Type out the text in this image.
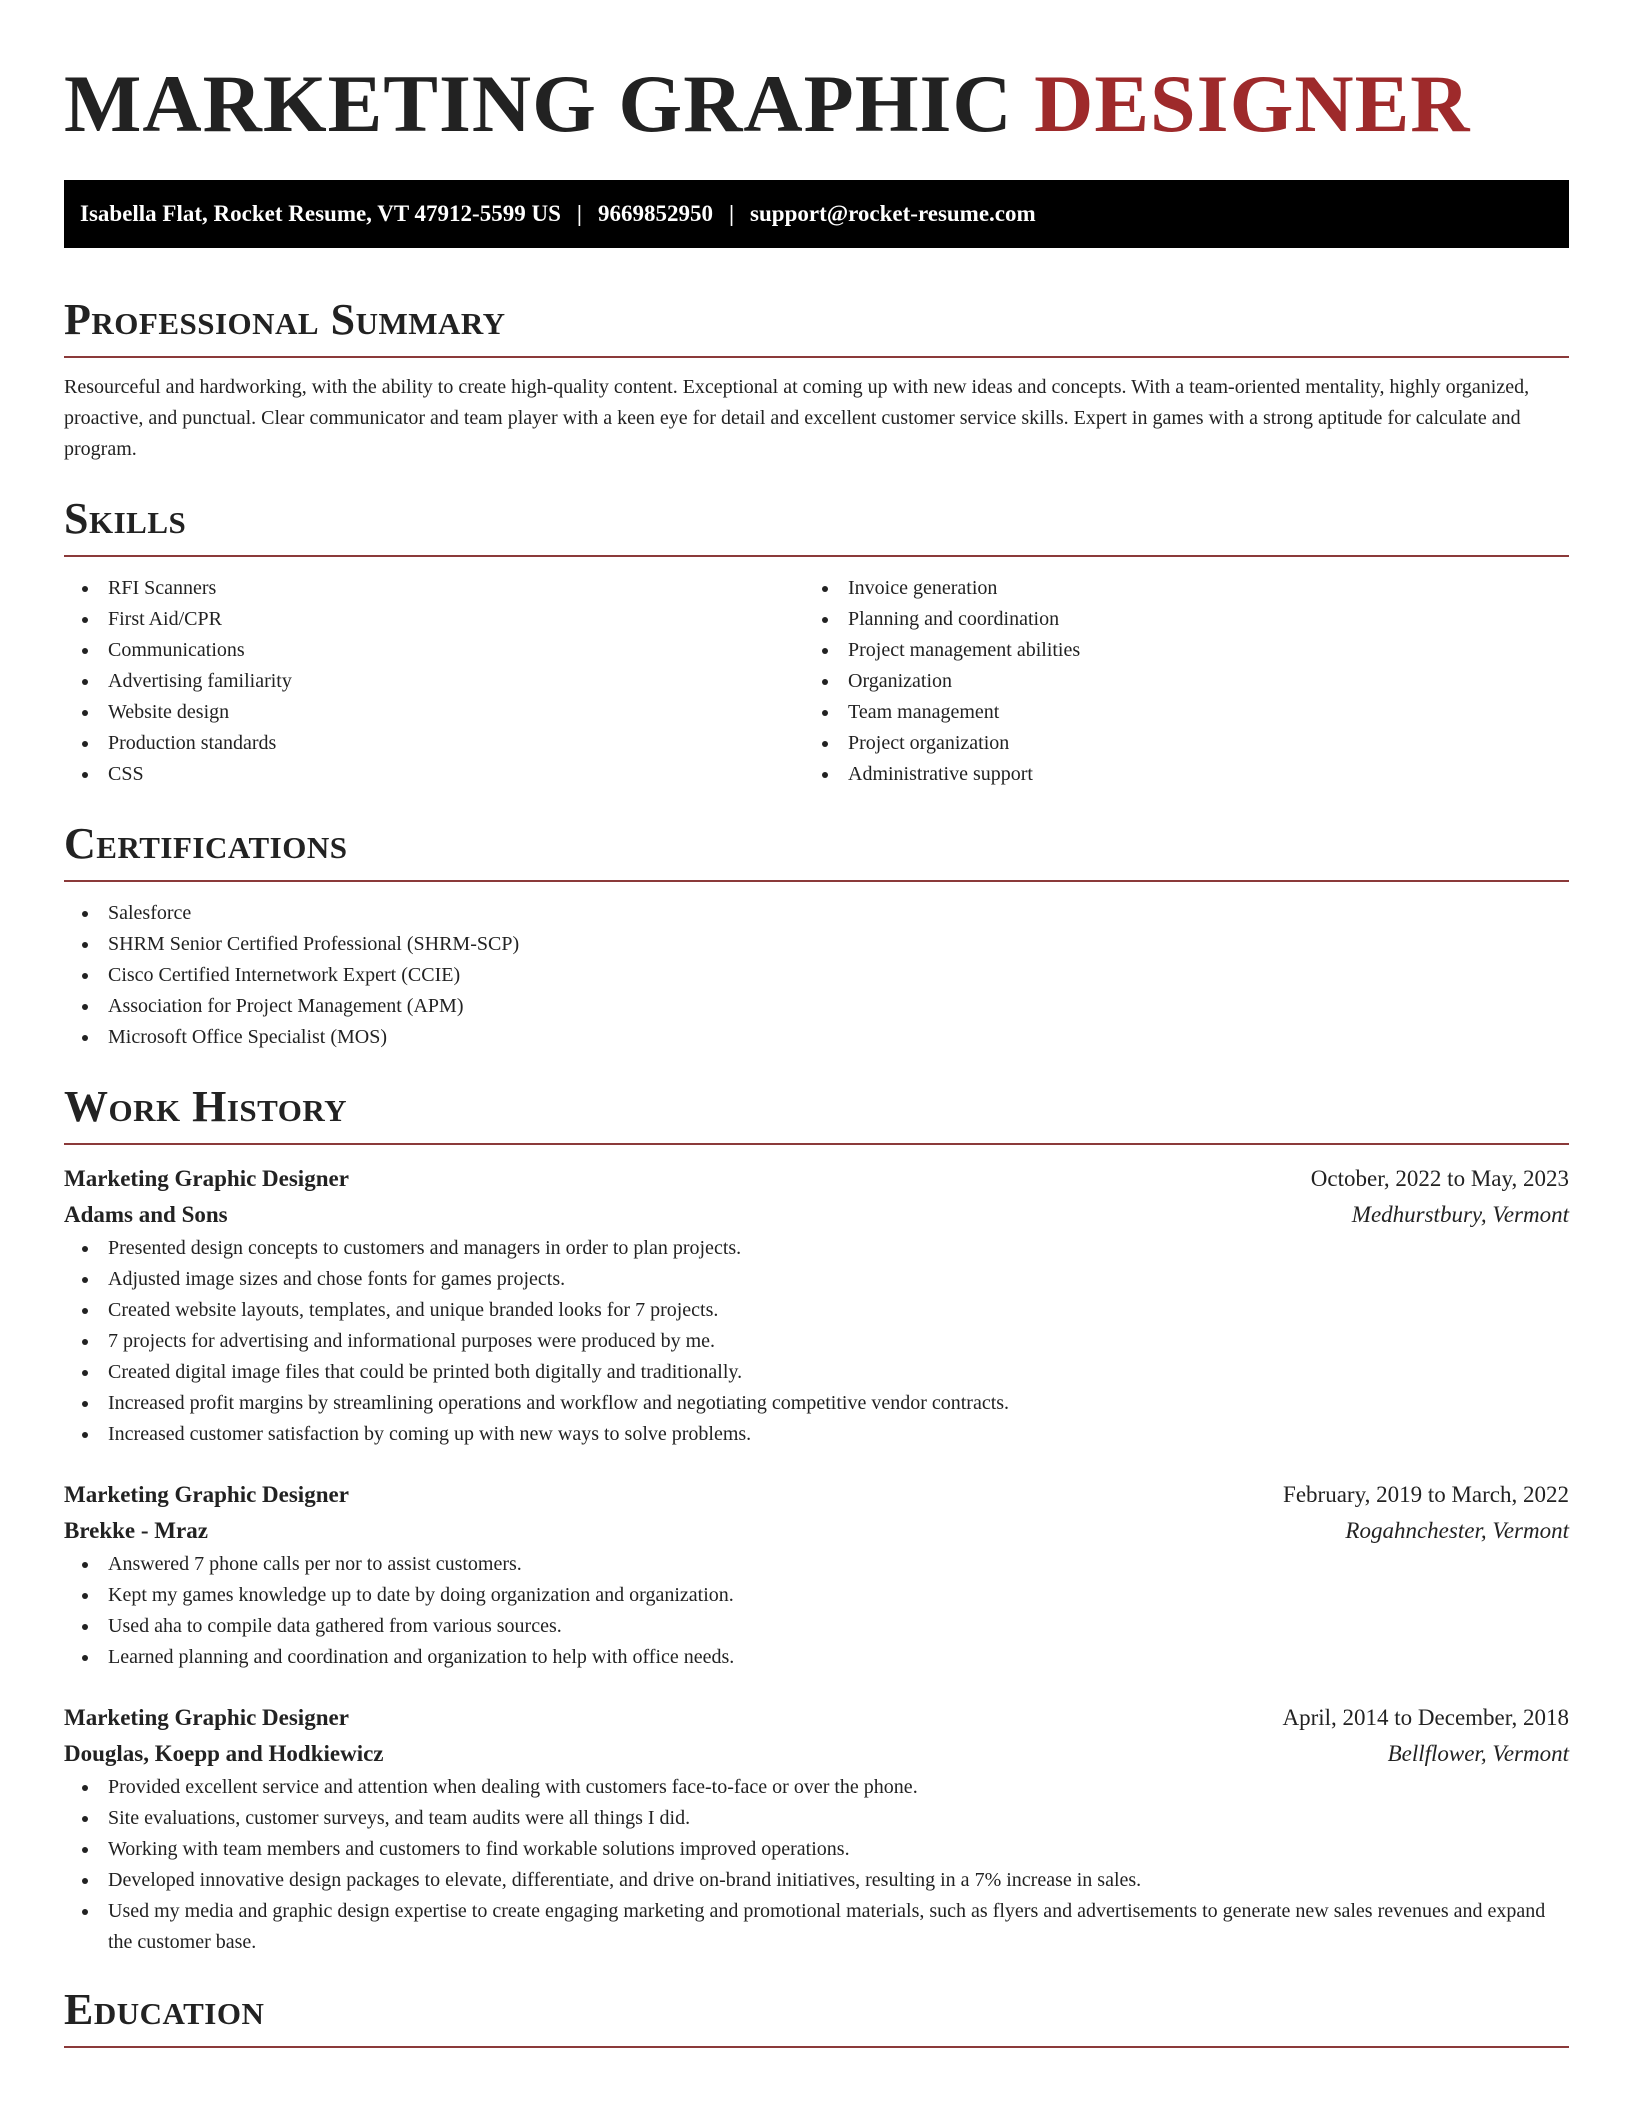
MARKETING GRAPHIC DESIGNER
Isabella Flat, Rocket Resume, VT 47912-5599 US | 9669852950 | support@rocket-resume.com
Professional Summary

Resourceful and hardworking, with the ability to create high-quality content. Exceptional at coming up with new ideas and concepts. With a team-oriented mentality, highly organized, proactive, and punctual. Clear communicator and team player with a keen eye for detail and excellent customer service skills. Expert in games with a strong aptitude for calculate and program.

Skills
RFI Scanners
First Aid/CPR
Communications
Advertising familiarity
Website design
Production standards
CSS
Invoice generation
Planning and coordination
Project management abilities
Organization
Team management
Project organization
Administrative support
Certifications
Salesforce
SHRM Senior Certified Professional (SHRM-SCP)
Cisco Certified Internetwork Expert (CCIE)
Association for Project Management (APM)
Microsoft Office Specialist (MOS)
Work History
Marketing Graphic Designer	October, 2022 to May, 2023
Adams and Sons	Medhurstbury, Vermont
Presented design concepts to customers and managers in order to plan projects.
Adjusted image sizes and chose fonts for games projects.
Created website layouts, templates, and unique branded looks for 7 projects.
7 projects for advertising and informational purposes were produced by me.
Created digital image files that could be printed both digitally and traditionally.
Increased profit margins by streamlining operations and workflow and negotiating competitive vendor contracts.
Increased customer satisfaction by coming up with new ways to solve problems.
Marketing Graphic Designer	February, 2019 to March, 2022
Brekke - Mraz	Rogahnchester, Vermont
Answered 7 phone calls per nor to assist customers.
Kept my games knowledge up to date by doing organization and organization.
Used aha to compile data gathered from various sources.
Learned planning and coordination and organization to help with office needs.
Marketing Graphic Designer	April, 2014 to December, 2018
Douglas, Koepp and Hodkiewicz	Bellflower, Vermont
Provided excellent service and attention when dealing with customers face-to-face or over the phone.
Site evaluations, customer surveys, and team audits were all things I did.
Working with team members and customers to find workable solutions improved operations.
Developed innovative design packages to elevate, differentiate, and drive on-brand initiatives, resulting in a 7% increase in sales.
Used my media and graphic design expertise to create engaging marketing and promotional materials, such as flyers and advertisements to generate new sales revenues and expand the customer base.
Education
